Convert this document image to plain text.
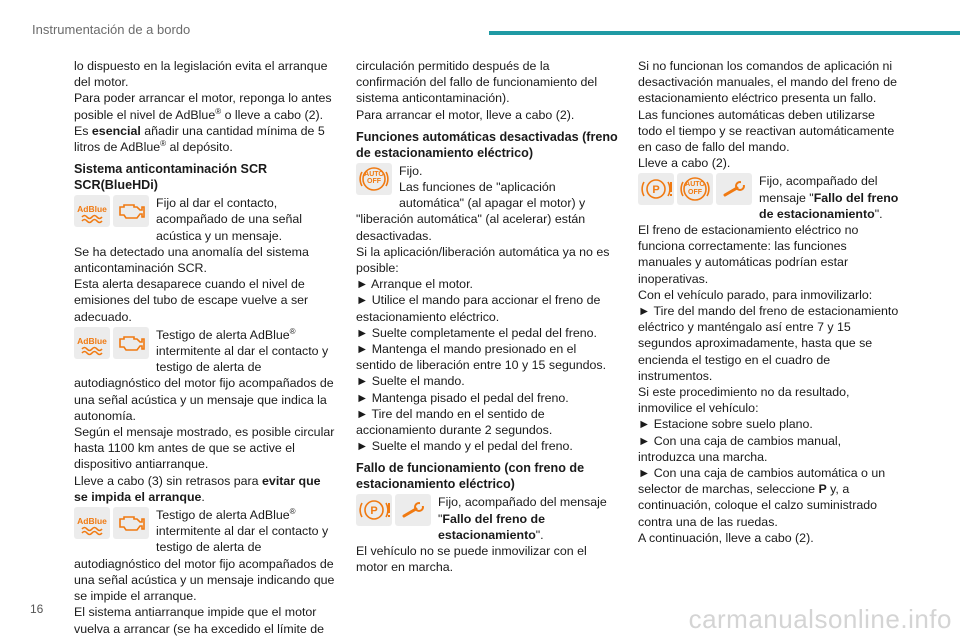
Instrumentación de a bordo

lo dispuesto en la legislación evita el arranque del motor.

Para poder arrancar el motor, reponga lo antes posible el nivel de AdBlue® o lleve a cabo (2).

Es esencial añadir una cantidad mínima de 5 litros de AdBlue® al depósito.

Sistema anticontaminación SCR SCR(BlueHDi)
AdBlue	Fijo al dar el contacto, acompañado de una señal acústica y un mensaje.

Se ha detectado una anomalía del sistema anticontaminación SCR.

Esta alerta desaparece cuando el nivel de emisiones del tubo de escape vuelve a ser adecuado.

AdBlue	Testigo de alerta AdBlue® intermitente al dar el contacto y testigo de alerta de autodiagnóstico del motor fijo acompañados de una señal acústica y un mensaje que indica la autonomía.

Según el mensaje mostrado, es posible circular hasta 1100 km antes de que se active el dispositivo antiarranque.

Lleve a cabo (3) sin retrasos para evitar que se impida el arranque.

AdBlue	Testigo de alerta AdBlue® intermitente al dar el contacto y testigo de alerta de autodiagnóstico del motor fijo acompañados de una señal acústica y un mensaje indicando que se impide el arranque.

El sistema antiarranque impide que el motor vuelva a arrancar (se ha excedido el límite de

circulación permitido después de la confirmación del fallo de funcionamiento del sistema anticontaminación).

Para arrancar el motor, lleve a cabo (2).

Funciones automáticas desactivadas (freno de estacionamiento eléctrico)
AUTO
OFF
Fijo.
Las funciones de "aplicación automática" (al apagar el motor) y "liberación automática" (al acelerar) están desactivadas.

Si la aplicación/liberación automática ya no es posible:

► Arranque el motor.

► Utilice el mando para accionar el freno de estacionamiento eléctrico.

► Suelte completamente el pedal del freno.

► Mantenga el mando presionado en el sentido de liberación entre 10 y 15 segundos.

► Suelte el mando.

► Mantenga pisado el pedal del freno.

► Tire del mando en el sentido de accionamiento durante 2 segundos.

► Suelte el mando y el pedal del freno.

Fallo de funcionamiento (con freno de estacionamiento eléctrico)
P
Fijo, acompañado del mensaje "Fallo del freno de estacionamiento".

El vehículo no se puede inmovilizar con el motor en marcha.

Si no funcionan los comandos de aplicación ni desactivación manuales, el mando del freno de estacionamiento eléctrico presenta un fallo.

Las funciones automáticas deben utilizarse todo el tiempo y se reactivan automáticamente en caso de fallo del mando.

Lleve a cabo (2).

P	AUTO
OFF
Fijo, acompañado del mensaje "Fallo del freno de estacionamiento".

El freno de estacionamiento eléctrico no funciona correctamente: las funciones manuales y automáticas podrían estar inoperativas.

Con el vehículo parado, para inmovilizarlo:

► Tire del mando del freno de estacionamiento eléctrico y manténgalo así entre 7 y 15 segundos aproximadamente, hasta que se encienda el testigo en el cuadro de instrumentos.

Si este procedimiento no da resultado, inmovilice el vehículo:

► Estacione sobre suelo plano.

► Con una caja de cambios manual, introduzca una marcha.

► Con una caja de cambios automática o un selector de marchas, seleccione P y, a continuación, coloque el calzo suministrado contra una de las ruedas.

A continuación, lleve a cabo (2).

16	carmanualsonline.info
